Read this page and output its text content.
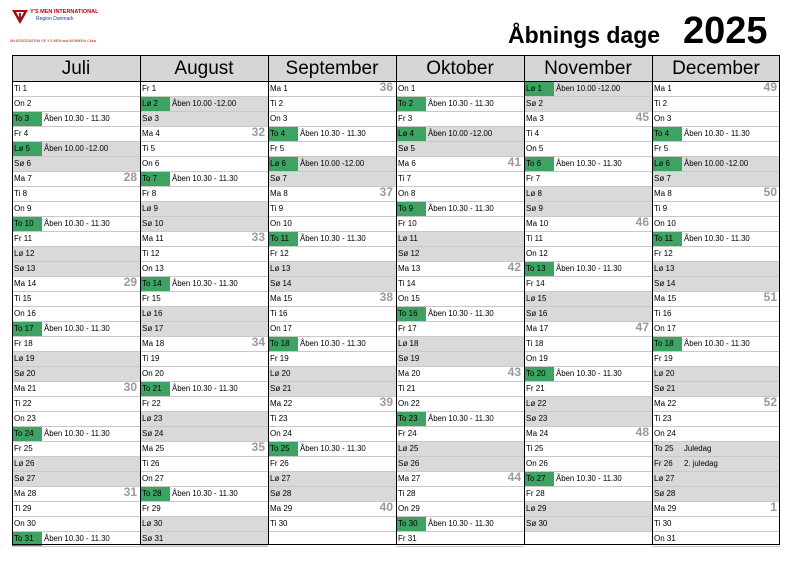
Y'S MEN INTERNATIONAL
Region Danmark
AN ASSOCIATION OF Y'S MEN and WOMEN's Clubs	Åbnings dage 2025
Juli
Ti 1
On 2
To 3	Åben 10.30 - 11.30
Fr 4
Lø 5	Åben 10.00 -12.00
Sø 6
Ma 7	28
Ti 8
On 9
To 10	Åben 10.30 - 11.30
Fr 11
Lø 12
Sø 13
Ma 14	29
Ti 15
On 16
To 17	Åben 10.30 - 11.30
Fr 18
Lø 19
Sø 20
Ma 21	30
Ti 22
On 23
To 24	Åben 10.30 - 11.30
Fr 25
Lø 26
Sø 27
Ma 28	31
Ti 29
On 30
To 31	Åben 10.30 - 11.30
August
Fr 1
Lø 2	Åben 10.00 -12.00
Sø 3
Ma 4	32
Ti 5
On 6
To 7	Åben 10.30 - 11.30
Fr 8
Lø 9
Sø 10
Ma 11	33
Ti 12
On 13
To 14	Åben 10.30 - 11.30
Fr 15
Lø 16
Sø 17
Ma 18	34
Ti 19
On 20
To 21	Åben 10.30 - 11.30
Fr 22
Lø 23
Sø 24
Ma 25	35
Ti 26
On 27
To 28	Åben 10.30 - 11.30
Fr 29
Lø 30
Sø 31
September
Ma 1	36
Ti 2
On 3
To 4	Åben 10.30 - 11.30
Fr 5
Lø 6	Åben 10.00 -12.00
Sø 7
Ma 8	37
Ti 9
On 10
To 11	Åben 10.30 - 11.30
Fr 12
Lø 13
Sø 14
Ma 15	38
Ti 16
On 17
To 18	Åben 10.30 - 11.30
Fr 19
Lø 20
Sø 21
Ma 22	39
Ti 23
On 24
To 25	Åben 10.30 - 11.30
Fr 26
Lø 27
Sø 28
Ma 29	40
Ti 30
Oktober
On 1
To 2	Åben 10.30 - 11.30
Fr 3
Lø 4	Åben 10.00 -12.00
Sø 5
Ma 6	41
Ti 7
On 8
To 9	Åben 10.30 - 11.30
Fr 10
Lø 11
Sø 12
Ma 13	42
Ti 14
On 15
To 16	Åben 10.30 - 11.30
Fr 17
Lø 18
Sø 19
Ma 20	43
Ti 21
On 22
To 23	Åben 10.30 - 11.30
Fr 24
Lø 25
Sø 26
Ma 27	44
Ti 28
On 29
To 30	Åben 10.30 - 11.30
Fr 31
November
Lø 1	Åben 10.00 -12.00
Sø 2
Ma 3	45
Ti 4
On 5
To 6	Åben 10.30 - 11.30
Fr 7
Lø 8
Sø 9
Ma 10	46
Ti 11
On 12
To 13	Åben 10.30 - 11.30
Fr 14
Lø 15
Sø 16
Ma 17	47
Ti 18
On 19
To 20	Åben 10.30 - 11.30
Fr 21
Lø 22
Sø 23
Ma 24	48
Ti 25
On 26
To 27	Åben 10.30 - 11.30
Fr 28
Lø 29
Sø 30
December
Ma 1	49
Ti 2
On 3
To 4	Åben 10.30 - 11.30
Fr 5
Lø 6	Åben 10.00 -12.00
Sø 7
Ma 8	50
Ti 9
On 10
To 11	Åben 10.30 - 11.30
Fr 12
Lø 13
Sø 14
Ma 15	51
Ti 16
On 17
To 18	Åben 10.30 - 11.30
Fr 19
Lø 20
Sø 21
Ma 22	52
Ti 23
On 24
To 25	Juledag
Fr 26	2. juledag
Lø 27
Sø 28
Ma 29	1
Ti 30
On 31
